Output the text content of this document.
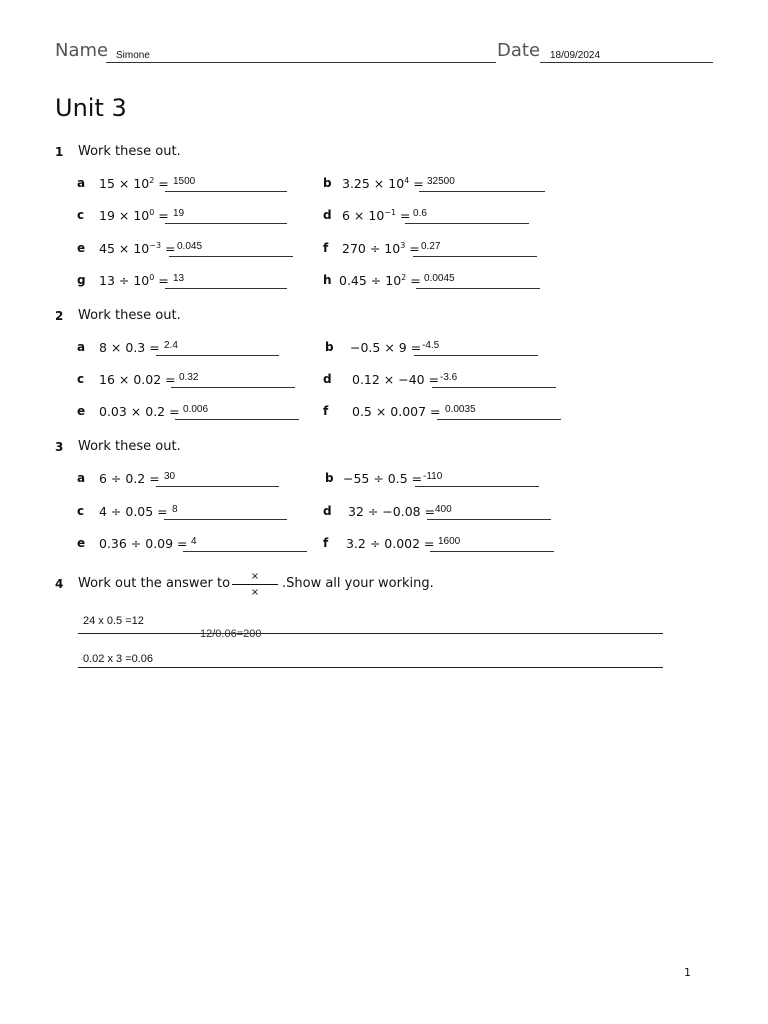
Name Simone	Date 18/09/2024
Unit 3
1 Work these out.
a $15 \times 10^2 = 1500$	b $3.25 \times 10^4 = 32500$
c $19 \times 10^0 = 19$	d $6 \times 10^{-1} = 0.6$
e $45 \times 10^{-3} = 0.045$	f $270 \div 10^3 = 0.27$
g $13 \div 10^0 = 13$	h $0.45 \div 10^2 = 0.0045$
2 Work these out.
a 8 × 0.3 = 2.4	b −0.5 × 9 = -4.5
c 16 × 0.02 = 0.32	d 0.12 × −40 = -3.6
e 0.03 × 0.2 = 0.006	f 0.5 × 0.007 = 0.0035
3 Work these out.
a 6 ÷ 0.2 = 30	b −55 ÷ 0.5 = -110
c 4 ÷ 0.05 = 8	d 32 ÷ −0.08 = 400
e 0.36 ÷ 0.09 = 4	f 3.2 ÷ 0.002 = 1600
4 Work out the answer to	×
×
.Show all your working.
24 x 0.5 =12
12/0.06=200
0.02 x 3 =0.06
1
